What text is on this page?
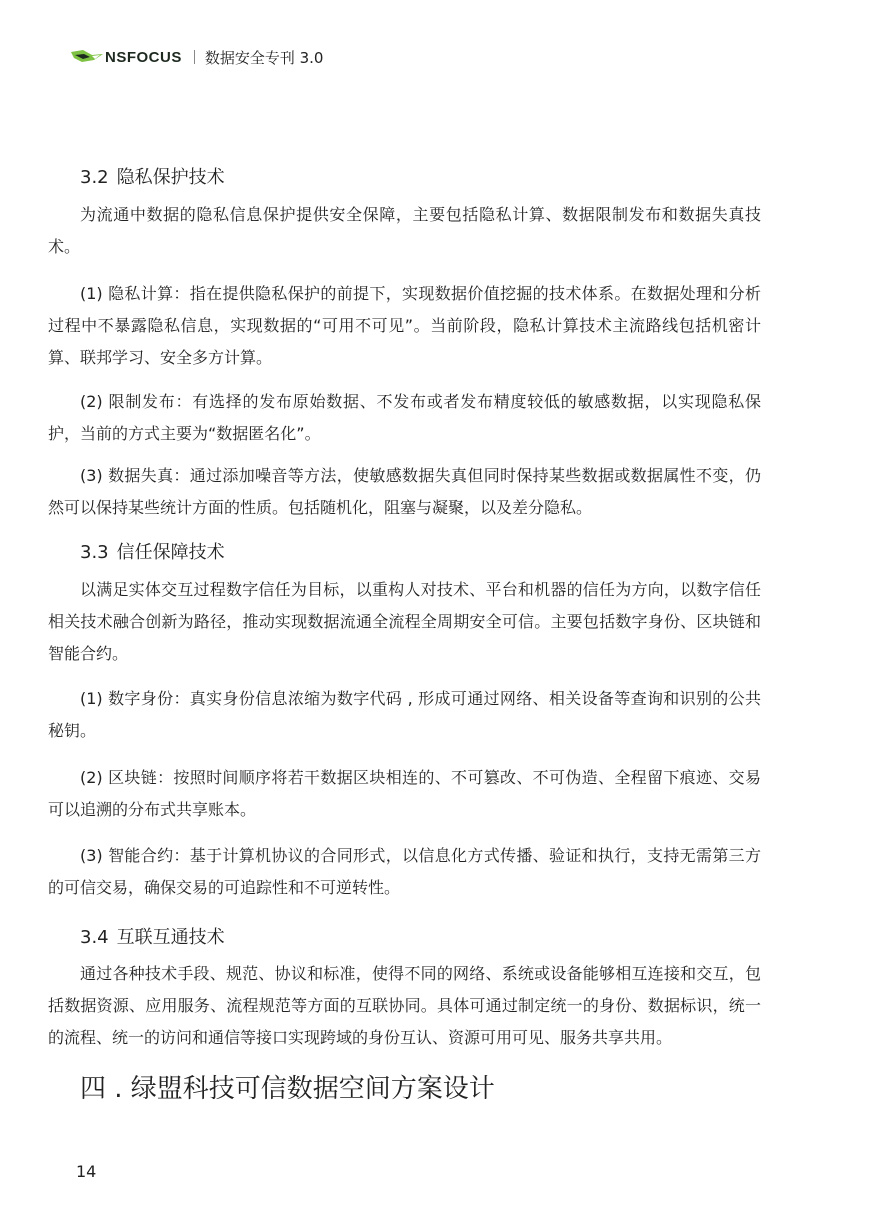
NSFOCUS 数据安全专刊 3.0
3.2 隐私保护技术

为流通中数据的隐私信息保护提供安全保障，主要包括隐私计算、数据限制发布和数据失真技术。

(1) 隐私计算：指在提供隐私保护的前提下，实现数据价值挖掘的技术体系。在数据处理和分析过程中不暴露隐私信息，实现数据的“可用不可见”。当前阶段，隐私计算技术主流路线包括机密计算、联邦学习、安全多方计算。

(2) 限制发布：有选择的发布原始数据、不发布或者发布精度较低的敏感数据，以实现隐私保护，当前的方式主要为“数据匿名化”。

(3) 数据失真：通过添加噪音等方法，使敏感数据失真但同时保持某些数据或数据属性不变，仍然可以保持某些统计方面的性质。包括随机化，阻塞与凝聚，以及差分隐私。

3.3 信任保障技术

以满足实体交互过程数字信任为目标，以重构人对技术、平台和机器的信任为方向，以数字信任相关技术融合创新为路径，推动实现数据流通全流程全周期安全可信。主要包括数字身份、区块链和智能合约。

(1) 数字身份：真实身份信息浓缩为数字代码 , 形成可通过网络、相关设备等查询和识别的公共秘钥。

(2) 区块链：按照时间顺序将若干数据区块相连的、不可篡改、不可伪造、全程留下痕迹、交易可以追溯的分布式共享账本。

(3) 智能合约：基于计算机协议的合同形式，以信息化方式传播、验证和执行，支持无需第三方的可信交易，确保交易的可追踪性和不可逆转性。

3.4 互联互通技术

通过各种技术手段、规范、协议和标准，使得不同的网络、系统或设备能够相互连接和交互，包括数据资源、应用服务、流程规范等方面的互联协同。具体可通过制定统一的身份、数据标识，统一的流程、统一的访问和通信等接口实现跨域的身份互认、资源可用可见、服务共享共用。

四 . 绿盟科技可信数据空间方案设计
14
